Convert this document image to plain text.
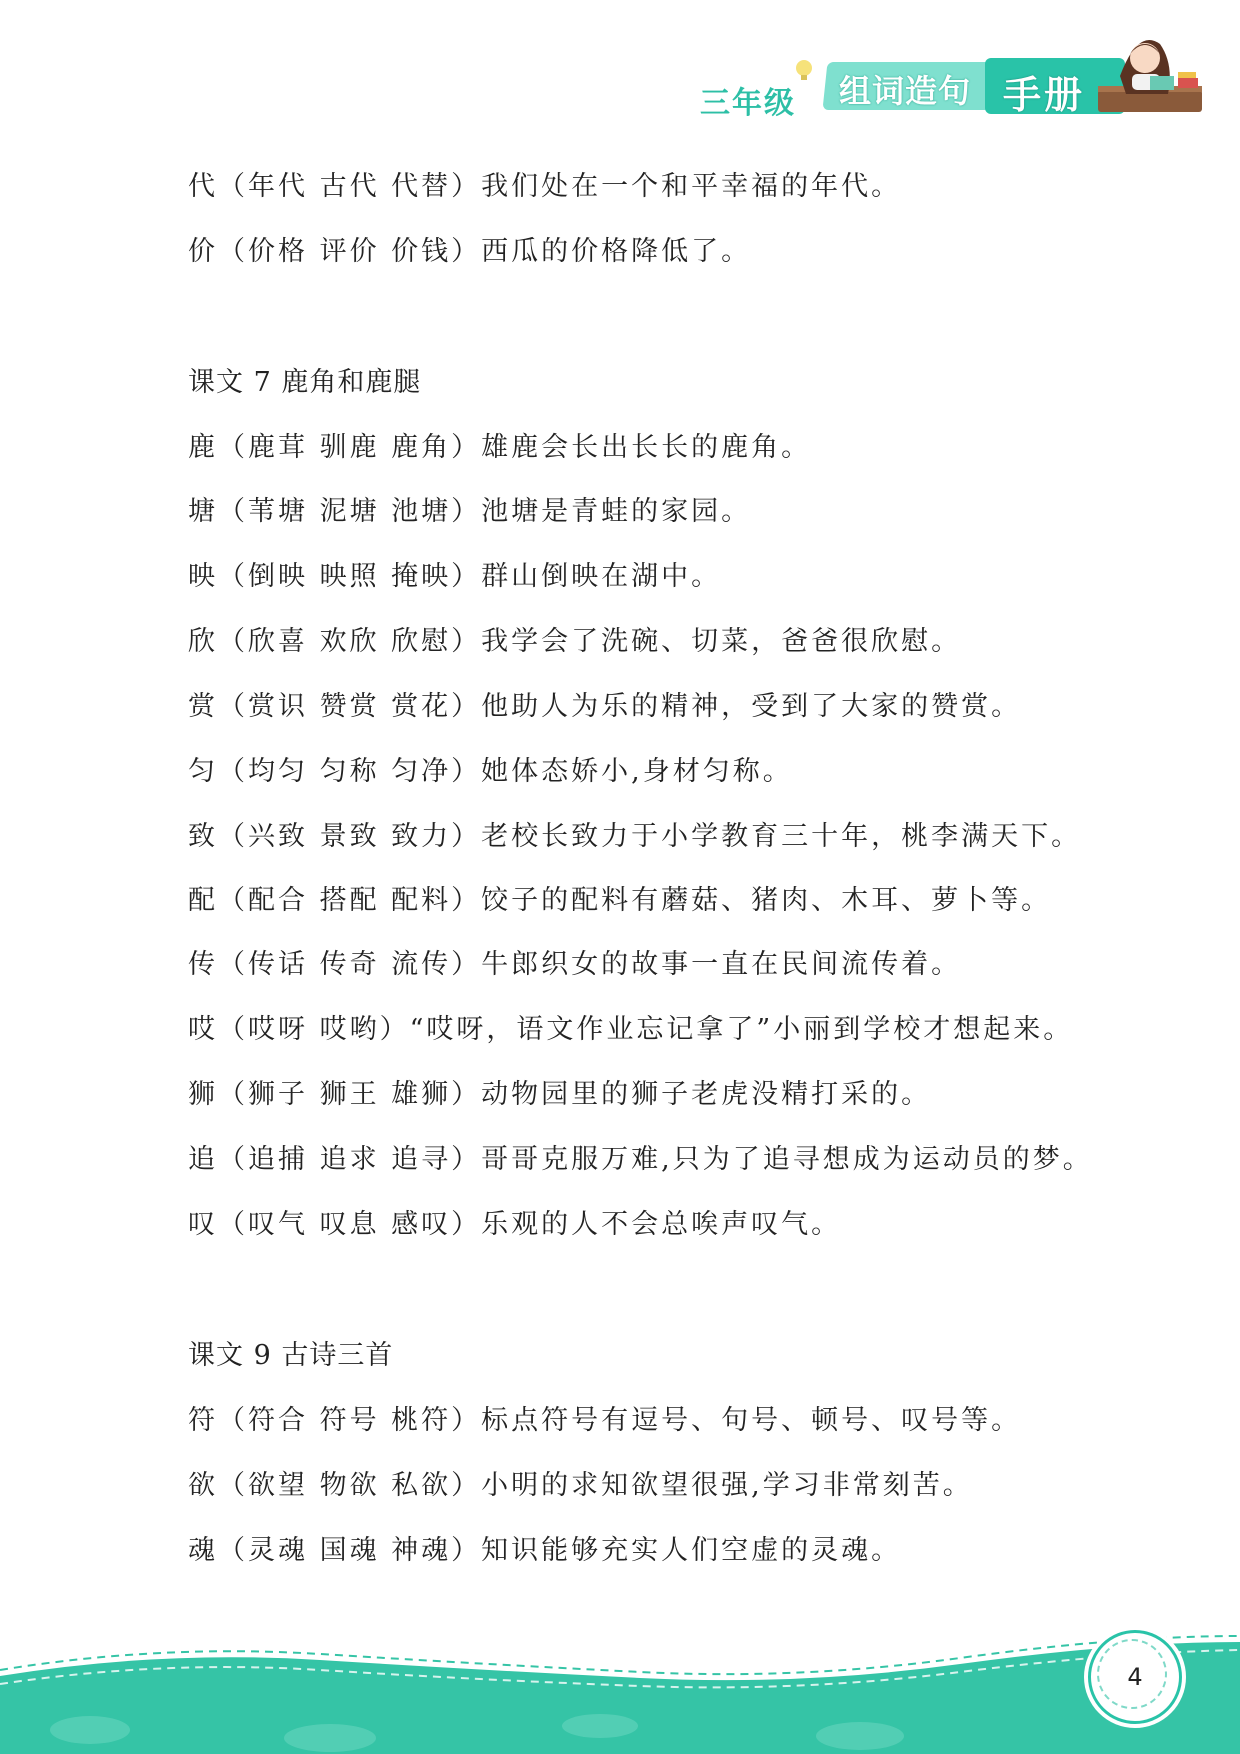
三年级 组词造句 手册
代（年代 古代 代替）我们处在一个和平幸福的年代。
价（价格 评价 价钱）西瓜的价格降低了。
课文 7 鹿角和鹿腿
鹿（鹿茸 驯鹿 鹿角）雄鹿会长出长长的鹿角。
塘（苇塘 泥塘 池塘）池塘是青蛙的家园。
映（倒映 映照 掩映）群山倒映在湖中。
欣（欣喜 欢欣 欣慰）我学会了洗碗、切菜，爸爸很欣慰。
赏（赏识 赞赏 赏花）他助人为乐的精神，受到了大家的赞赏。
匀（均匀 匀称 匀净）她体态娇小,身材匀称。
致（兴致 景致 致力）老校长致力于小学教育三十年，桃李满天下。
配（配合 搭配 配料）饺子的配料有蘑菇、猪肉、木耳、萝卜等。
传（传话 传奇 流传）牛郎织女的故事一直在民间流传着。
哎（哎呀 哎哟）“哎呀，语文作业忘记拿了”小丽到学校才想起来。
狮（狮子 狮王 雄狮）动物园里的狮子老虎没精打采的。
追（追捕 追求 追寻）哥哥克服万难,只为了追寻想成为运动员的梦。
叹（叹气 叹息 感叹）乐观的人不会总唉声叹气。
课文 9 古诗三首
符（符合 符号 桃符）标点符号有逗号、句号、顿号、叹号等。
欲（欲望 物欲 私欲）小明的求知欲望很强,学习非常刻苦。
魂（灵魂 国魂 神魂）知识能够充实人们空虚的灵魂。
4
